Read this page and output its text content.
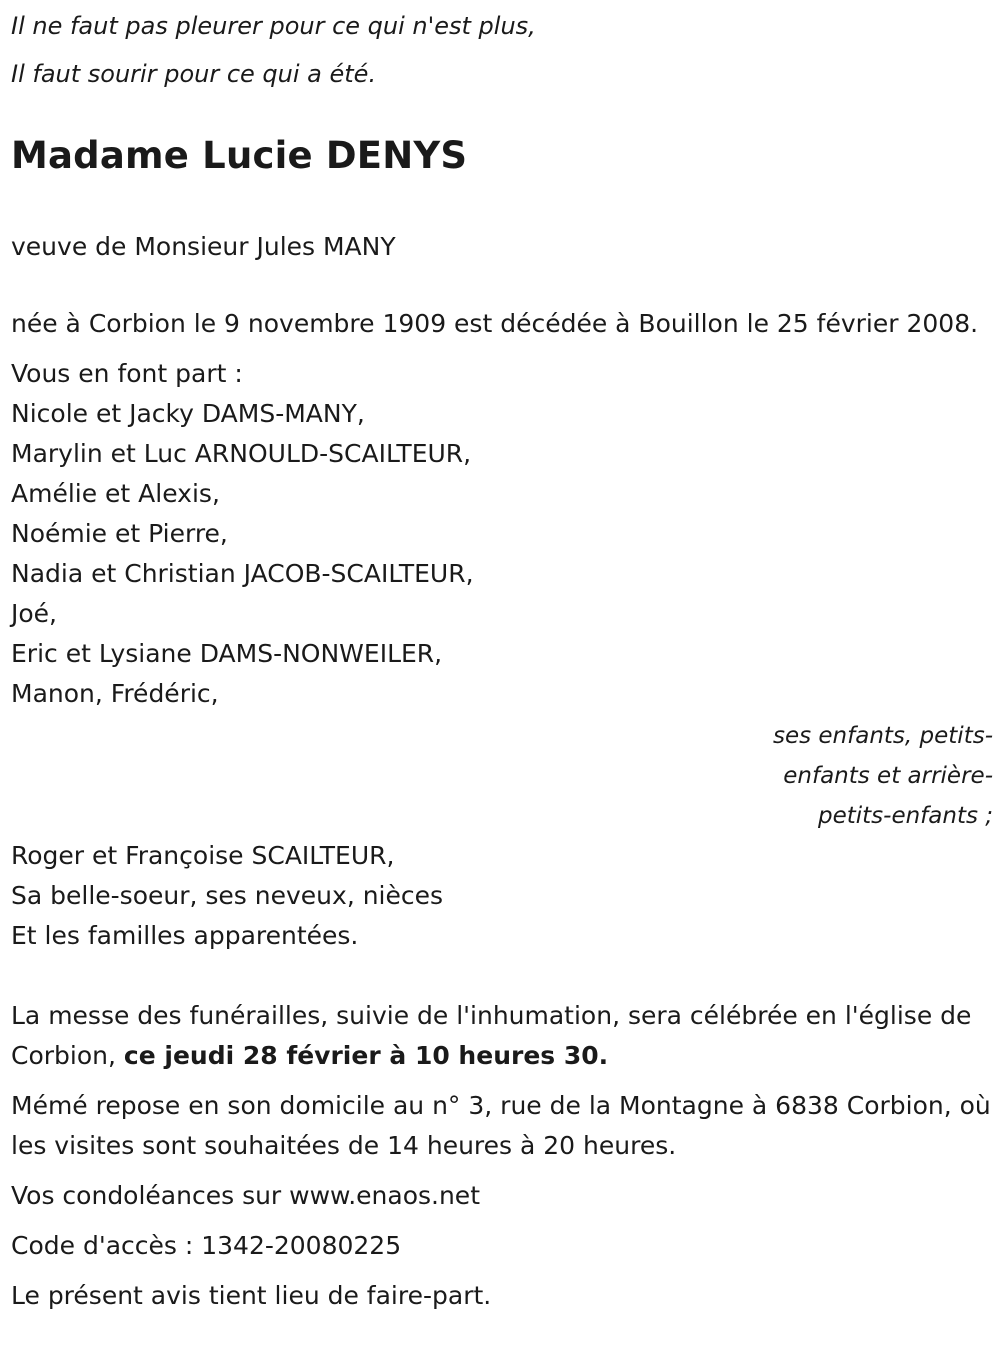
Il ne faut pas pleurer pour ce qui n'est plus,

Il faut sourir pour ce qui a été.

Madame Lucie DENYS

veuve de Monsieur Jules MANY

née à Corbion le 9 novembre 1909 est décédée à Bouillon le 25 février 2008.

Vous en font part :

Nicole et Jacky DAMS-MANY,

Marylin et Luc ARNOULD-SCAILTEUR,

Amélie et Alexis,

Noémie et Pierre,

Nadia et Christian JACOB-SCAILTEUR,

Joé,

Eric et Lysiane DAMS-NONWEILER,

Manon, Frédéric,

ses enfants, petits-enfants et arrière-petits-enfants ;

Roger et Françoise SCAILTEUR,

Sa belle-soeur, ses neveux, nièces

Et les familles apparentées.

La messe des funérailles, suivie de l'inhumation, sera célébrée en l'église de Corbion, ce jeudi 28 février à 10 heures 30.

Mémé repose en son domicile au n° 3, rue de la Montagne à 6838 Corbion, où les visites sont souhaitées de 14 heures à 20 heures.

Vos condoléances sur www.enaos.net

Code d'accès : 1342-20080225

Le présent avis tient lieu de faire-part.
